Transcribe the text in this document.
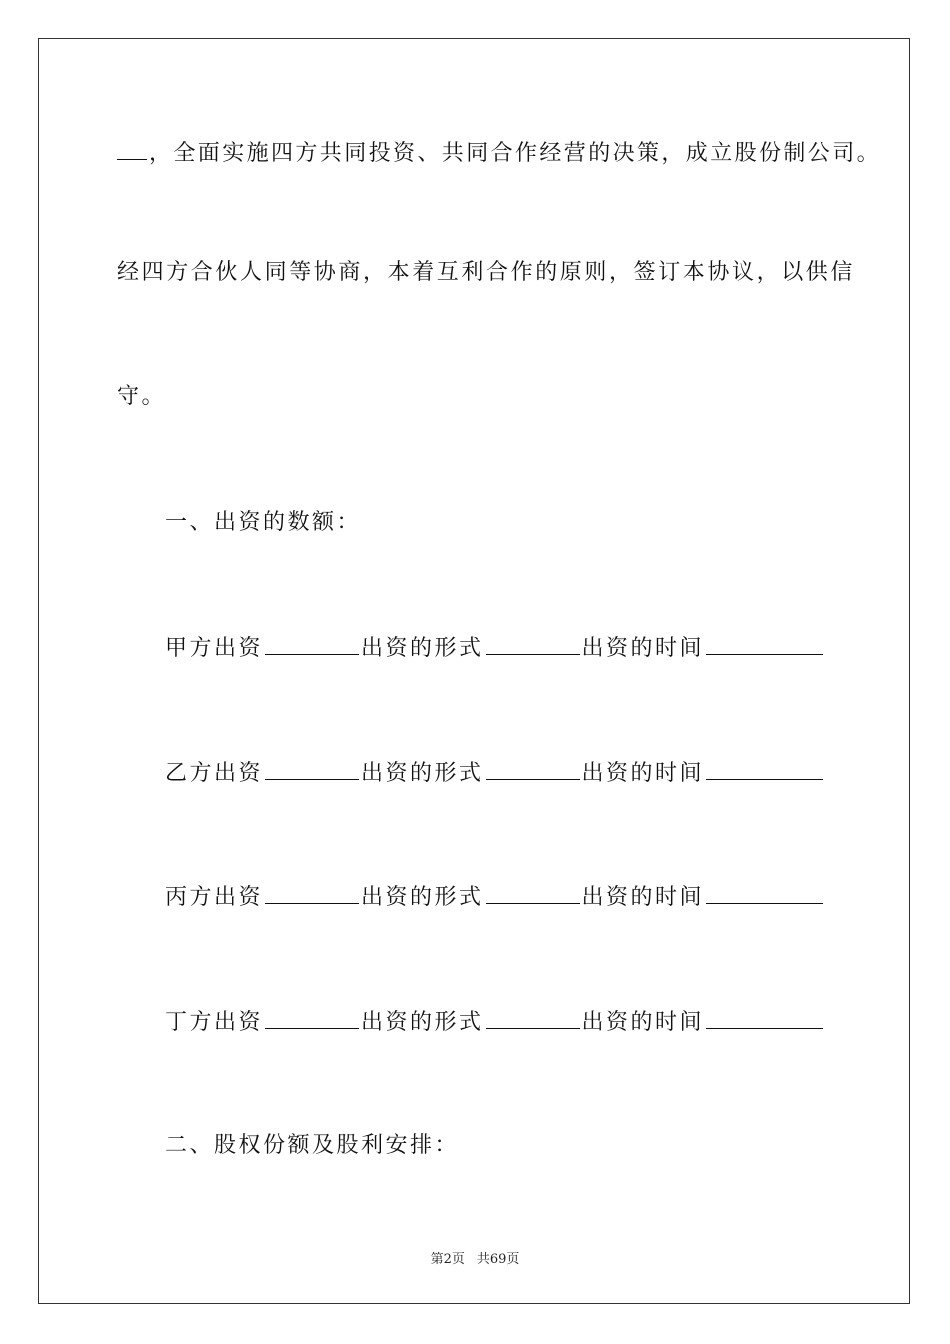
，全面实施四方共同投资、共同合作经营的决策，成立股份制公司。
经四方合伙人同等协商，本着互利合作的原则，签订本协议，以供信
守。
一、出资的数额：
甲方出资	出资的形式	出资的时间
乙方出资	出资的形式	出资的时间
丙方出资	出资的形式	出资的时间
丁方出资	出资的形式	出资的时间
二、股权份额及股利安排：
第2页 共69页
